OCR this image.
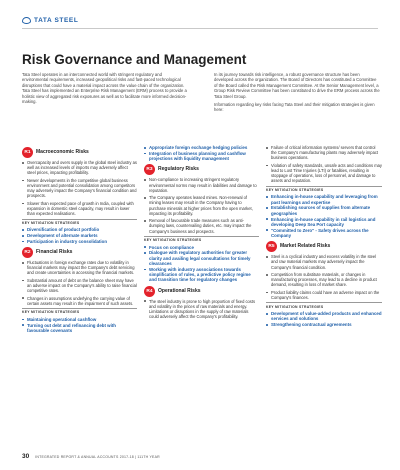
TATA STEEL
Risk Governance and Management

Tata Steel operates in an interconnected world with stringent regulatory and environmental requirements, increased geopolitical risks and fast-paced technological disruptions that could have a material impact across the value chain of the organization. Tata Steel has implemented an Enterprise Risk Management (ERM) process to provide a holistic view of aggregated risk exposures as well as to facilitate more informed decision-making.

In its journey towards risk intelligence, a robust governance structure has been developed across the organization. The Board of Directors has constituted a Committee of the Board called the Risk Management Committee. At the Senior Management level, a Group Risk Review Committee has been constituted to drive the ERM process across the Tata Steel Group.

Information regarding key risks facing Tata Steel and their mitigation strategies is given here:

R1	Macroeconomic Risks
Overcapacity and overs supply in the global steel industry as well as increased levels of imports may adversely affect steel prices, impacting profitability.
Newer developments in the competitive global business environment and potential consolidation among competitors may adversely impact the Company's financial condition and prospects.
Slower than expected pace of growth in India, coupled with expansion in domestic steel capacity, may result in lower than expected realisations.
KEY MITIGATION STRATEGIES
Diversification of product portfolio
Development of alternate markets
Participation in industry consolidation
R2	Financial Risks
Fluctuations in foreign exchange rates due to volatility in financial markets may impact the Company's debt servicing and create uncertainties in accessing the financial markets.
Substantial amount of debt on the balance sheet may have an adverse impact on the Company's ability to raise financial competitive rates.
Changes in assumptions underlying the carrying value of certain assets may result in the impairment of such assets.
KEY MITIGATION STRATEGIES
Maintaining operational cashflow
Turning out debt and refinancing debt with favourable covenants
Appropriate foreign exchange hedging policies
Integration of business planning and cashflow projections with liquidity management
R3	Regulatory Risks
Non-compliance to increasing stringent regulatory environmental norms may result in liabilities and damage to reputation.
The Company operates leased mines. Non-renewal of mining leases may result in the Company having to purchase minerals at higher prices from the open market, impacting its profitability.
Removal of favourable trade measures such as anti-dumping laws, countervailing duties, etc. may impact the Company's business and prospects.
KEY MITIGATION STRATEGIES
Focus on compliance
Dialogue with regulatory authorities for greater clarity and availing legal consultations for timely clearances
Working with industry associations towards simplification of rules, a predictive policy regime and transition time for regulatory changes
R4	Operational Risks
The steel industry is prone to high proportion of fixed costs and volatility in the prices of raw materials and energy. Limitations or disruptions in the supply of raw materials could adversely affect the Company's profitability.
Failure of critical information systems/ servers that control the Company's manufacturing plants may adversely impact business operations.
Violation of safety standards, unsafe acts and conditions may lead to Lost Time Injuries (LTI) or fatalities, resulting in stoppage of operations, loss of personnel, and damage to assets and reputation.
KEY MITIGATION STRATEGIES
Enhancing in-house capability and leveraging from past learnings and expertise
Establishing sources of supplies from alternate geographies
Enhancing in-house capability in rail logistics and developing Deep Sea Port capacity
"Committed to Zero" - Safety drives across the Company
R5	Market Related Risks
Steel is a cyclical industry and excess volatility in the steel and raw material markets may adversely impact the Company's financial condition.
Competition from substitute materials, or changes in manufacturing processes, may lead to a decline in product demand, resulting in loss of market share.
Product liability claims could have an adverse impact on the Company's finances.
KEY MITIGATION STRATEGIES
Development of value-added products and enhanced services and solutions
Strengthening contractual agreements
30 INTEGRATED REPORT & ANNUAL ACCOUNTS 2017-18 | 111TH YEAR
